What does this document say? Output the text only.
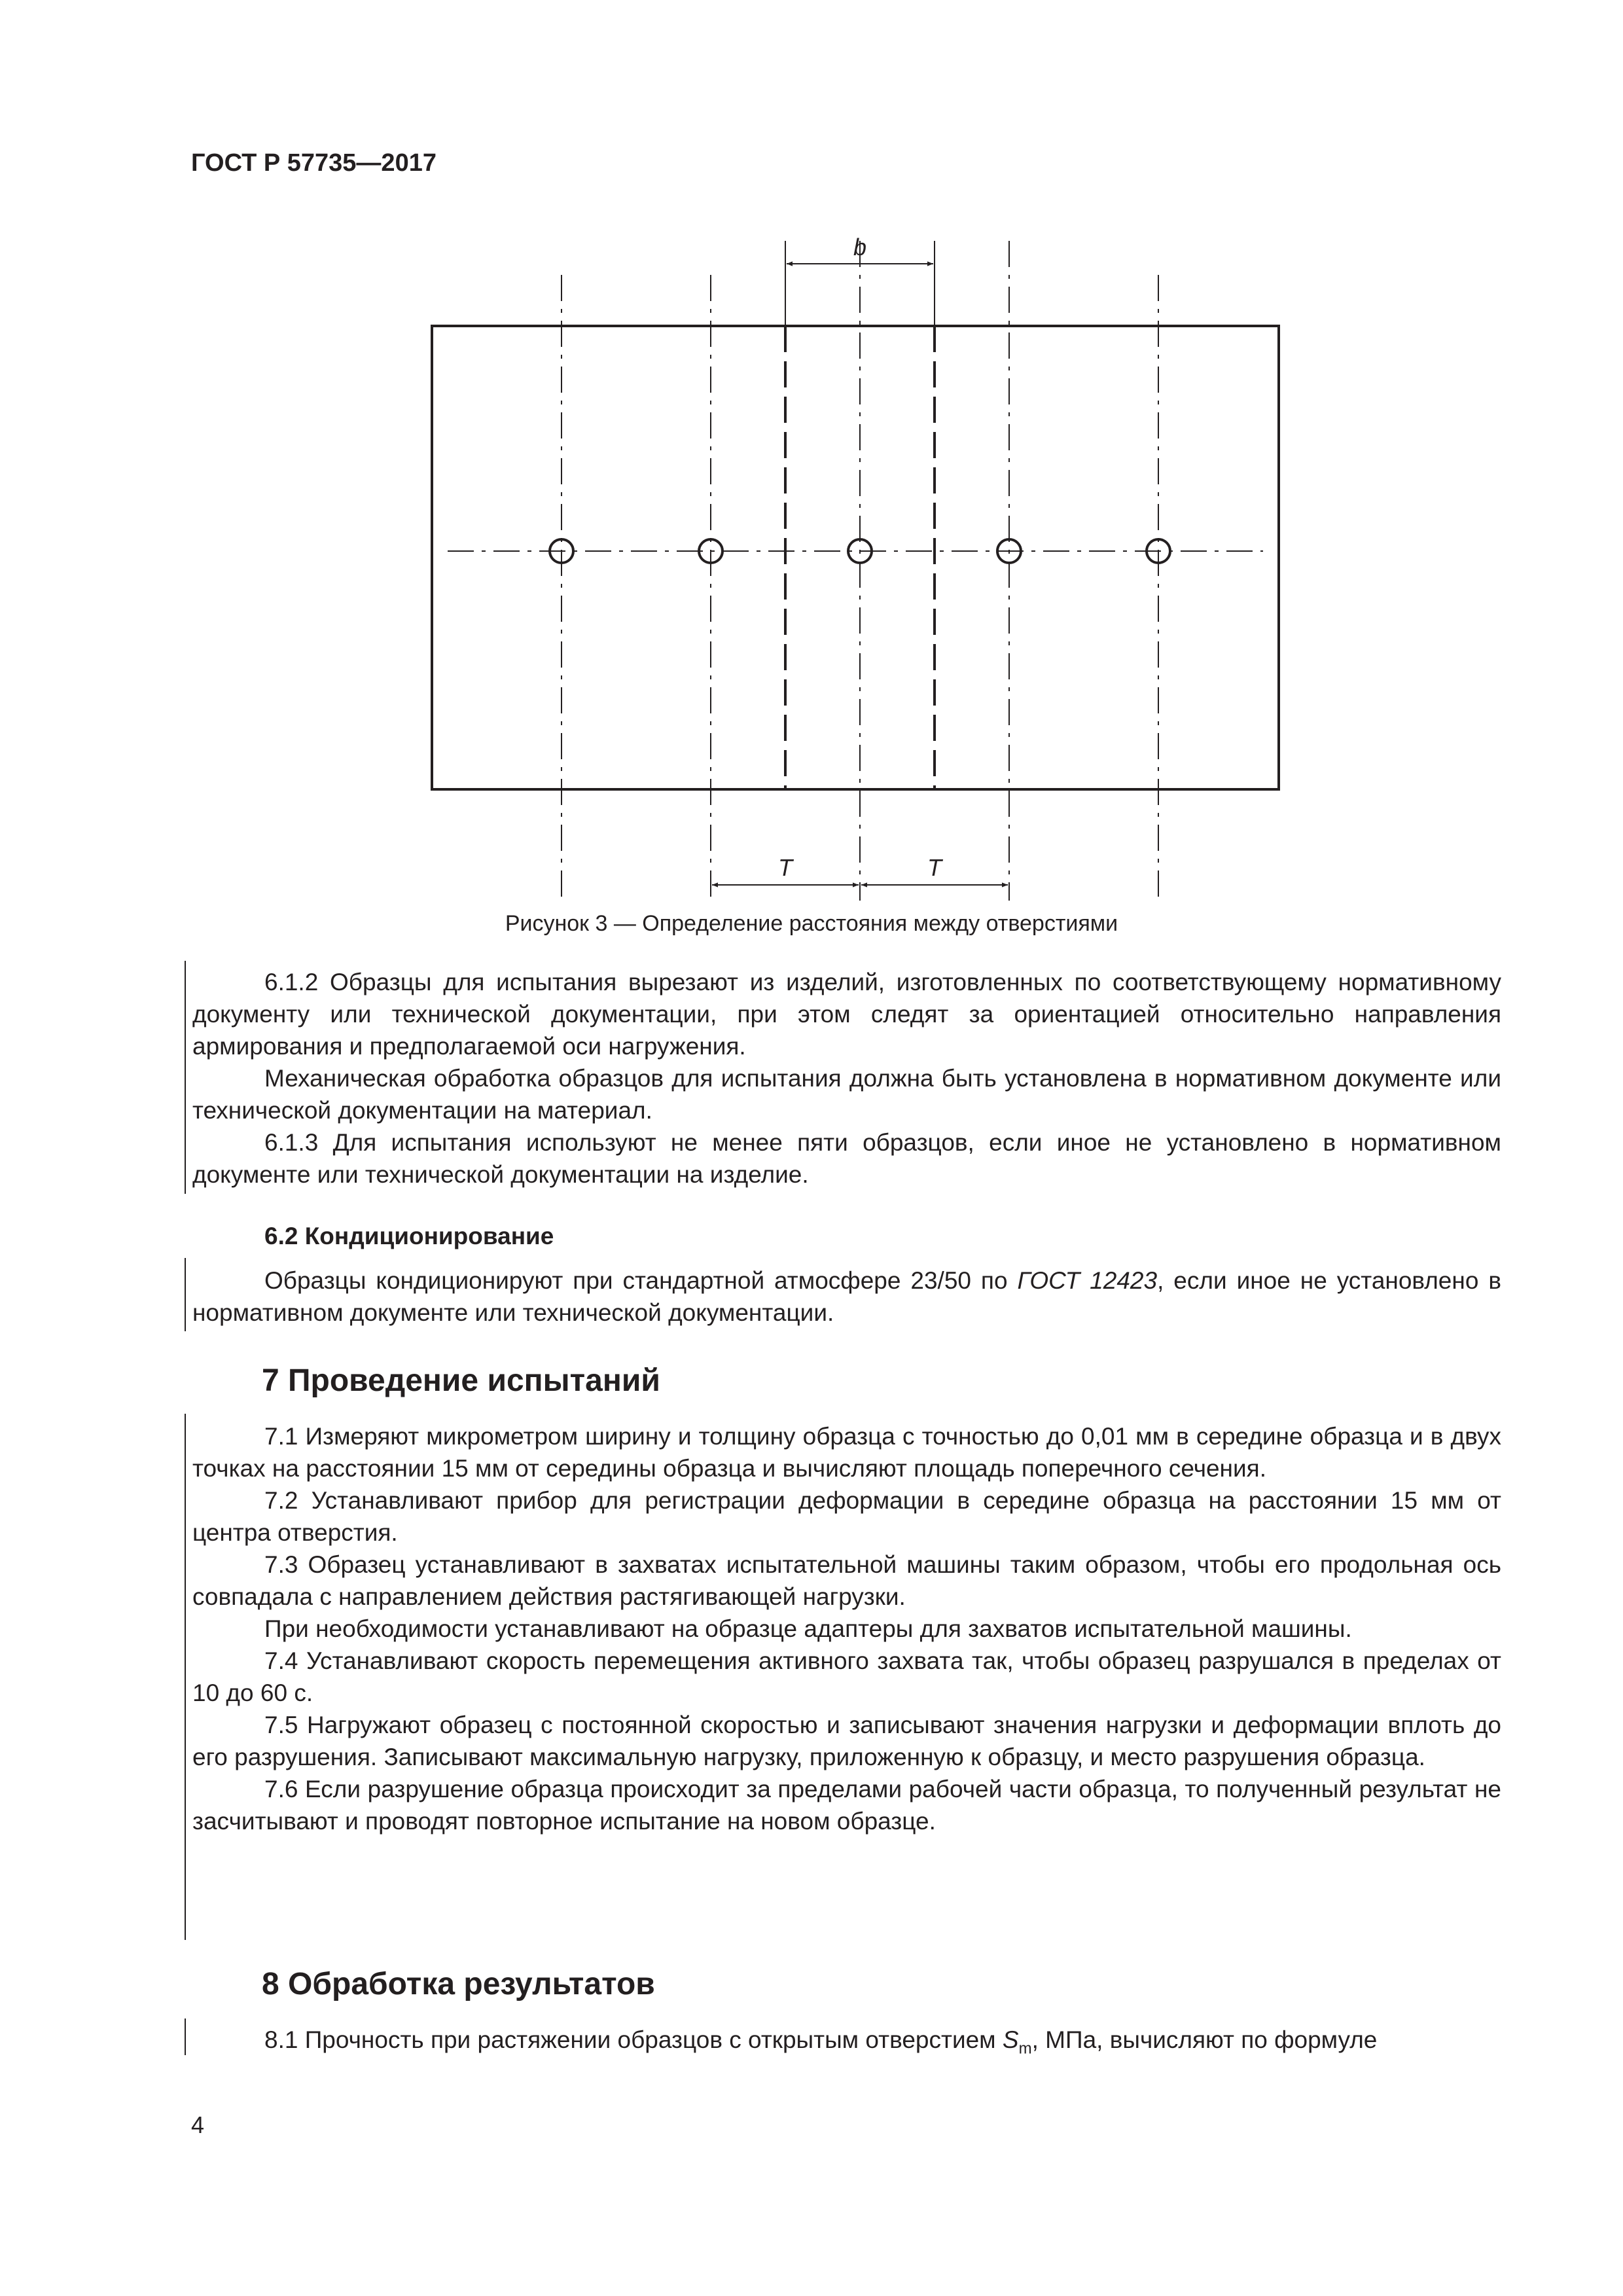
ГОСТ Р 57735—2017

b
T	T

Рисунок 3 — Определение расстояния между отверстиями

6.1.2 Образцы для испытания вырезают из изделий, изготовленных по соответствующему нормативному документу или технической документации, при этом следят за ориентацией относительно направления армирования и предполагаемой оси нагружения.

Механическая обработка образцов для испытания должна быть установлена в нормативном документе или технической документации на материал.

6.1.3 Для испытания используют не менее пяти образцов, если иное не установлено в нормативном документе или технической документации на изделие.

6.2 Кондиционирование

Образцы кондиционируют при стандартной атмосфере 23/50 по ГОСТ 12423, если иное не установлено в нормативном документе или технической документации.

7 Проведение испытаний

7.1 Измеряют микрометром ширину и толщину образца с точностью до 0,01 мм в середине образца и в двух точках на расстоянии 15 мм от середины образца и вычисляют площадь поперечного сечения.

7.2 Устанавливают прибор для регистрации деформации в середине образца на расстоянии 15 мм от центра отверстия.

7.3 Образец устанавливают в захватах испытательной машины таким образом, чтобы его продольная ось совпадала с направлением действия растягивающей нагрузки.

При необходимости устанавливают на образце адаптеры для захватов испытательной машины.

7.4 Устанавливают скорость перемещения активного захвата так, чтобы образец разрушался в пределах от 10 до 60 с.

7.5 Нагружают образец с постоянной скоростью и записывают значения нагрузки и деформации вплоть до его разрушения. Записывают максимальную нагрузку, приложенную к образцу, и место разрушения образца.

7.6 Если разрушение образца происходит за пределами рабочей части образца, то полученный результат не засчитывают и проводят повторное испытание на новом образце.

8 Обработка результатов

8.1 Прочность при растяжении образцов с открытым отверстием $S_m$, МПа, вычисляют по формуле

4
